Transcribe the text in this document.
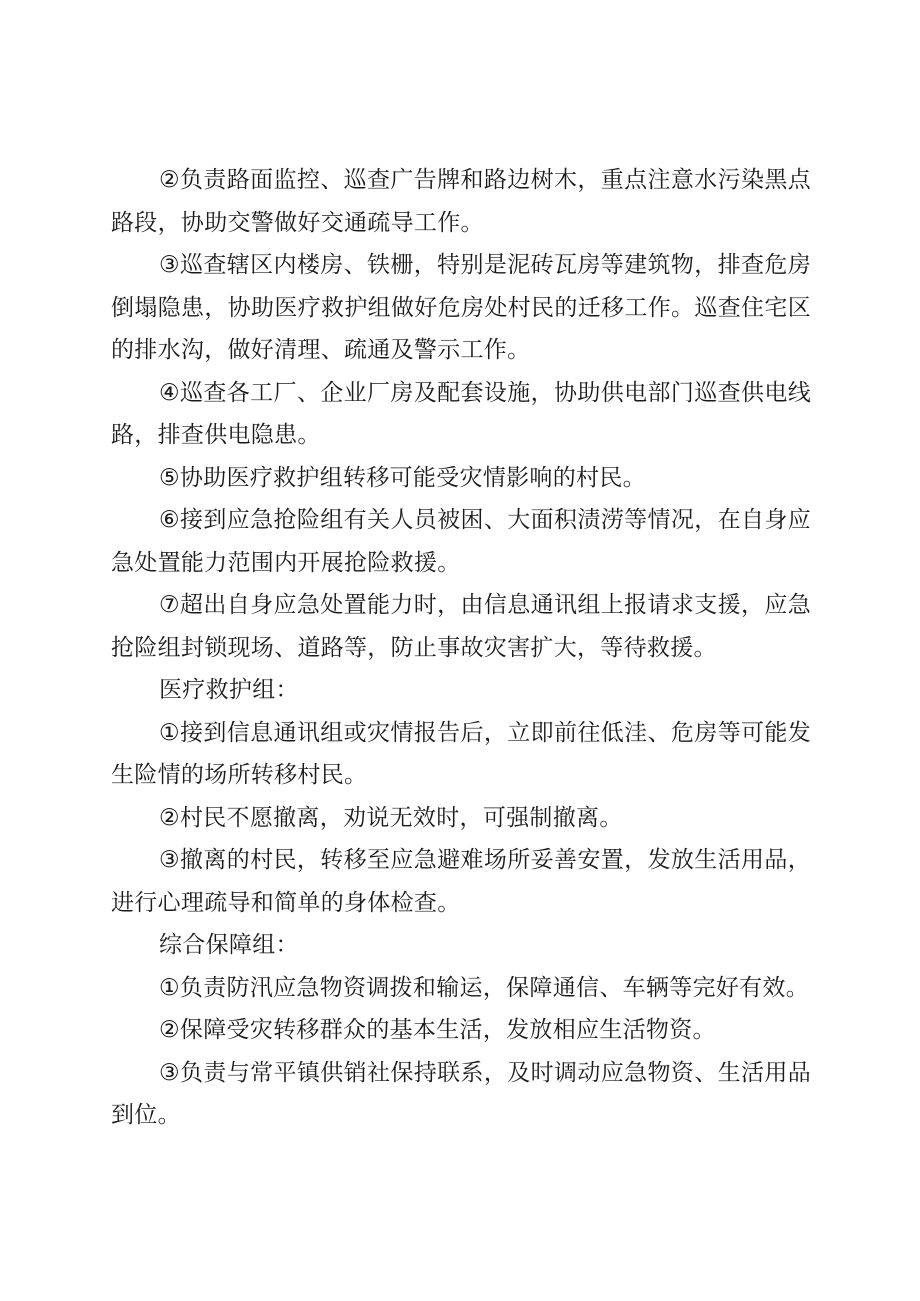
②负责路面监控、巡查广告牌和路边树木，重点注意水污染黑点路段，协助交警做好交通疏导工作。

③巡查辖区内楼房、铁栅，特别是泥砖瓦房等建筑物，排查危房倒塌隐患，协助医疗救护组做好危房处村民的迁移工作。巡查住宅区的排水沟，做好清理、疏通及警示工作。

④巡查各工厂、企业厂房及配套设施，协助供电部门巡查供电线路，排查供电隐患。

⑤协助医疗救护组转移可能受灾情影响的村民。

⑥接到应急抢险组有关人员被困、大面积渍涝等情况，在自身应急处置能力范围内开展抢险救援。

⑦超出自身应急处置能力时，由信息通讯组上报请求支援，应急抢险组封锁现场、道路等，防止事故灾害扩大，等待救援。

医疗救护组：

①接到信息通讯组或灾情报告后，立即前往低洼、危房等可能发生险情的场所转移村民。

②村民不愿撤离，劝说无效时，可强制撤离。

③撤离的村民，转移至应急避难场所妥善安置，发放生活用品，进行心理疏导和简单的身体检查。

综合保障组：

①负责防汛应急物资调拨和输运，保障通信、车辆等完好有效。

②保障受灾转移群众的基本生活，发放相应生活物资。

③负责与常平镇供销社保持联系，及时调动应急物资、生活用品到位。
